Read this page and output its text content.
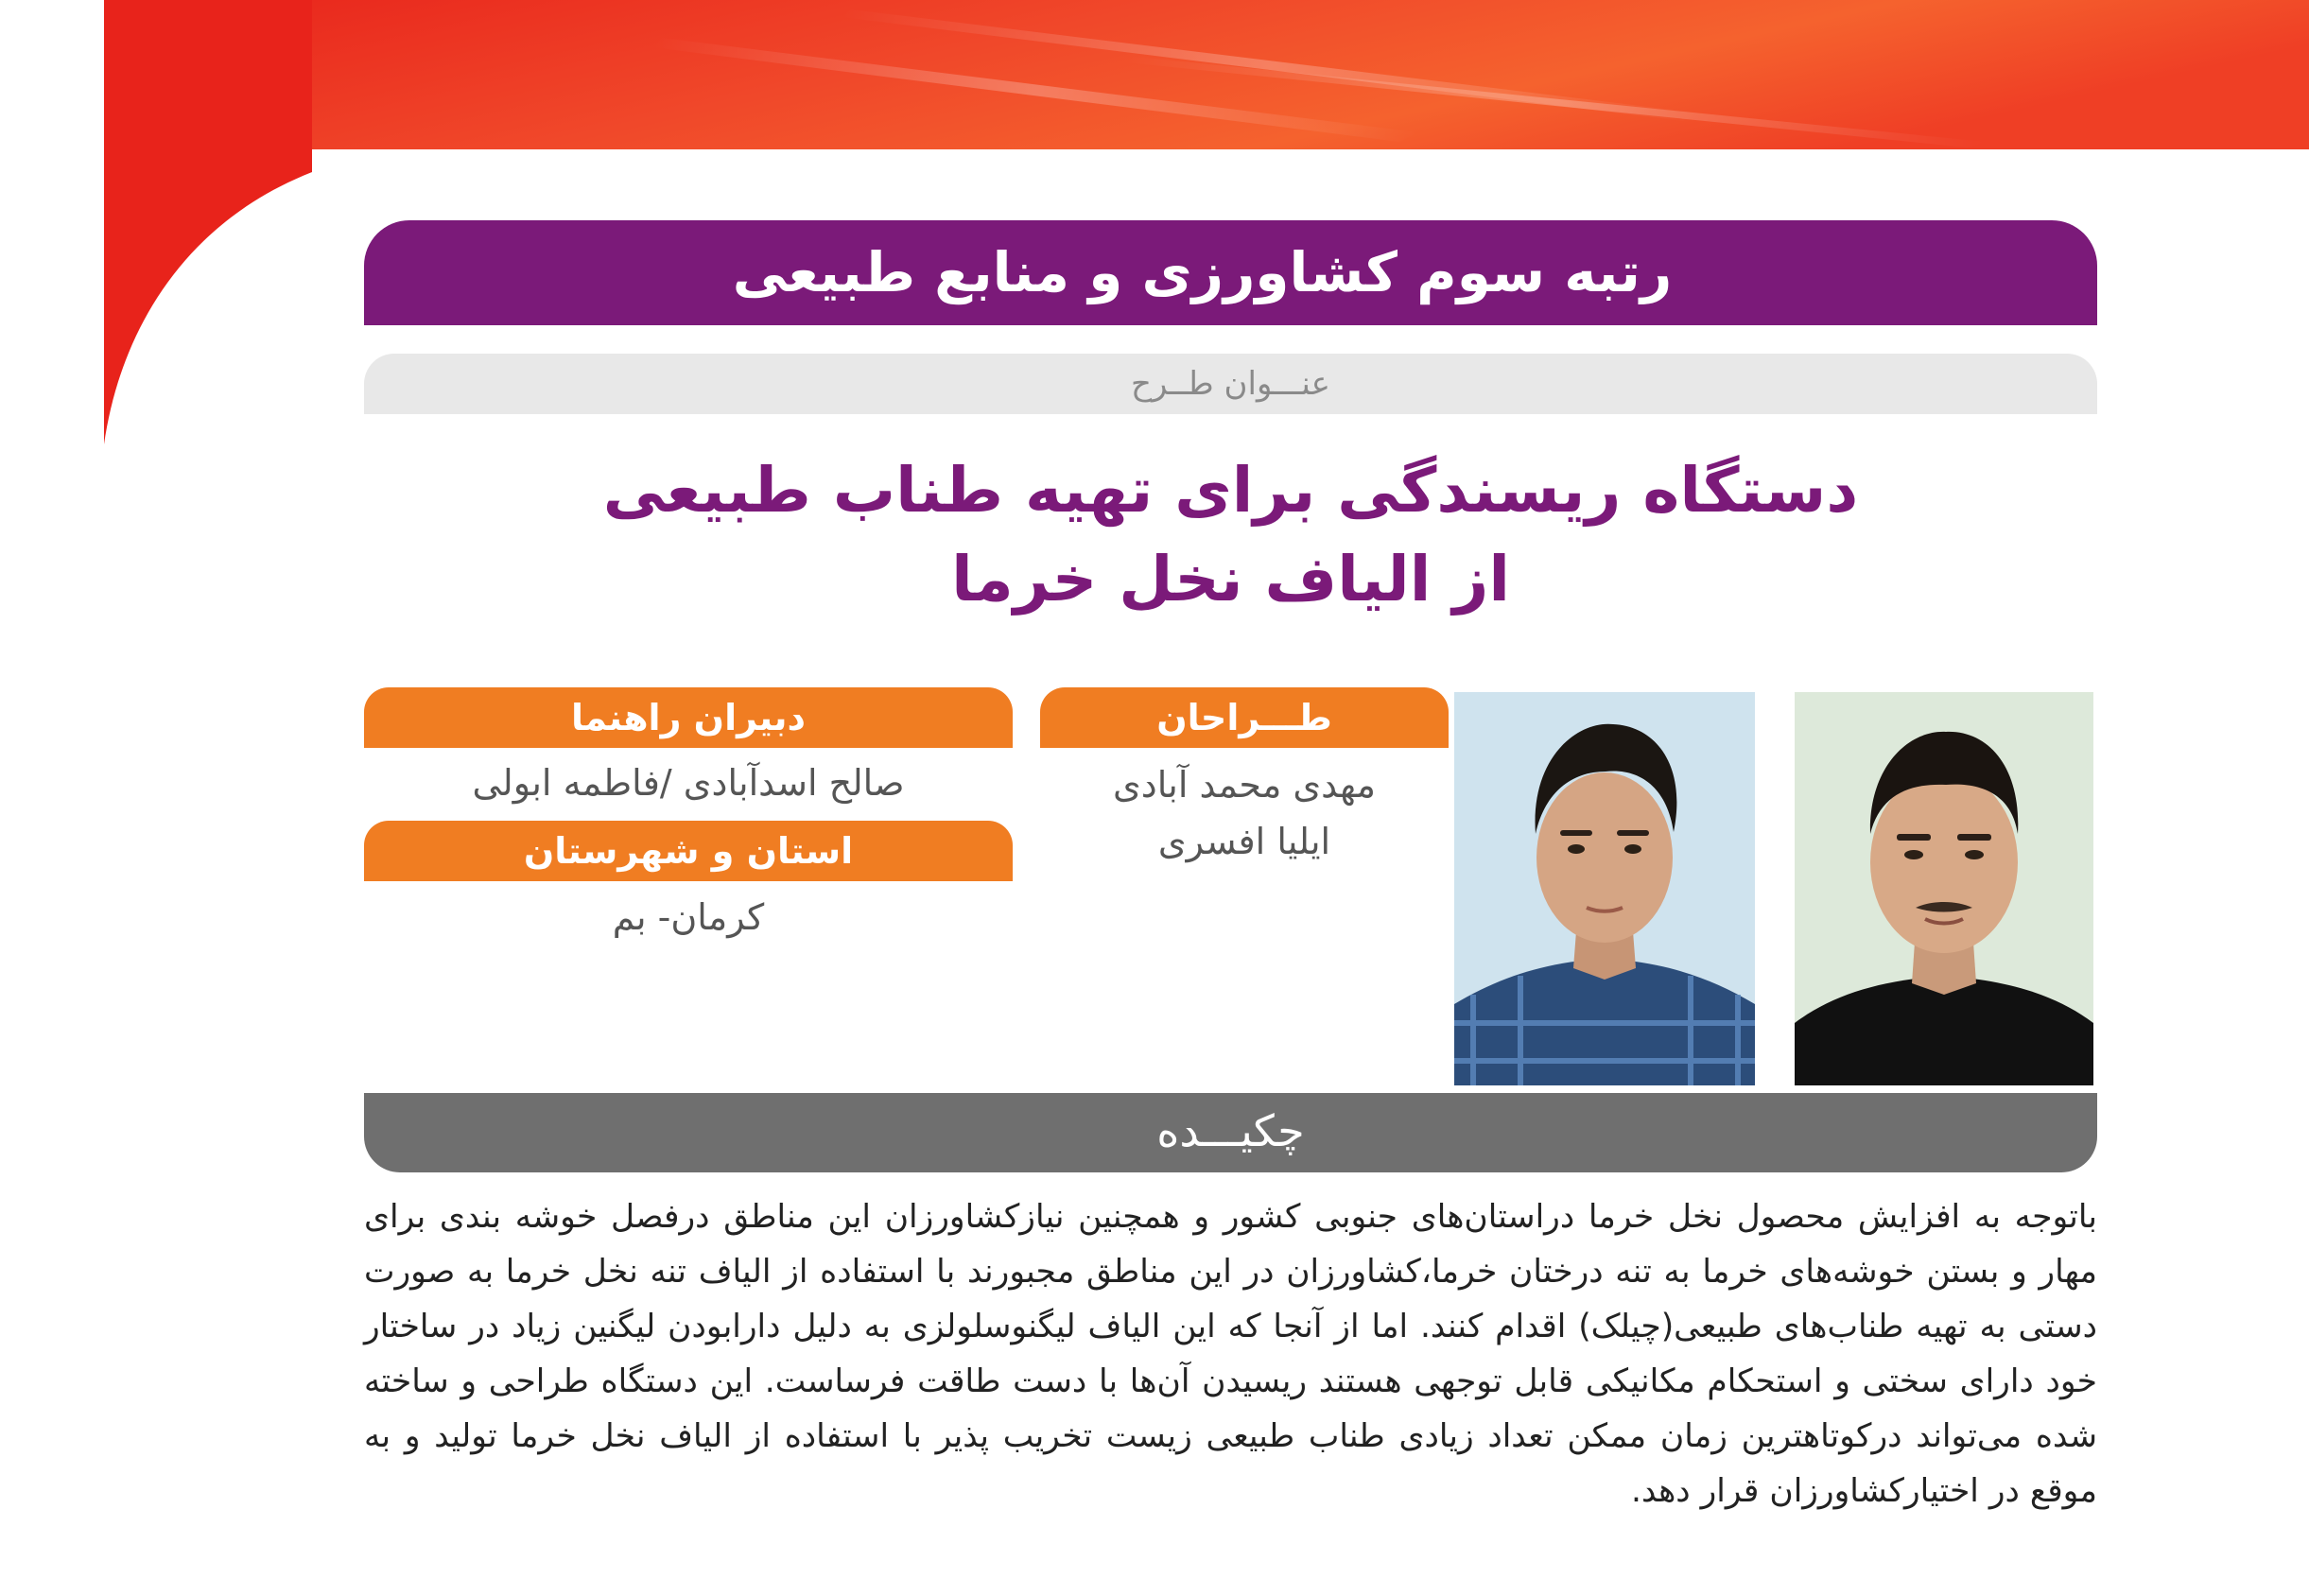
رتبه سوم کشاورزی و منابع طبیعی
عنـــوان طــرح
دستگاه ریسندگی برای تهیه طناب طبیعی
از الیاف نخل خرما
طـــراحان
مهدی محمد آبادی
ایلیا افسری
دبیران راهنما
صالح اسدآبادی /فاطمه ابولی
استان و شهرستان
کرمان- بم
چکیـــده
باتوجه به افزایش محصول نخل خرما دراستان‌های جنوبی کشور و همچنین نیازکشاورزان این مناطق درفصل خوشه بندی برای مهار و بستن خوشه‌های خرما به تنه درختان خرما،کشاورزان در این مناطق مجبورند با استفاده از الیاف تنه نخل خرما به صورت دستی به تهیه طناب‌های طبیعی(چیلک) اقدام کنند. اما از آنجا که این الیاف لیگنوسلولزی به دلیل دارابودن لیگنین زیاد در ساختار خود دارای سختی و استحکام مکانیکی قابل توجهی هستند ریسیدن آن‌ها با دست طاقت فرساست. این دستگاه طراحی و ساخته شده می‌تواند درکوتاهترین زمان ممکن تعداد زیادی طناب طبیعی زیست تخریب پذیر با استفاده از الیاف نخل خرما تولید و به موقع در اختیارکشاورزان قرار دهد.
